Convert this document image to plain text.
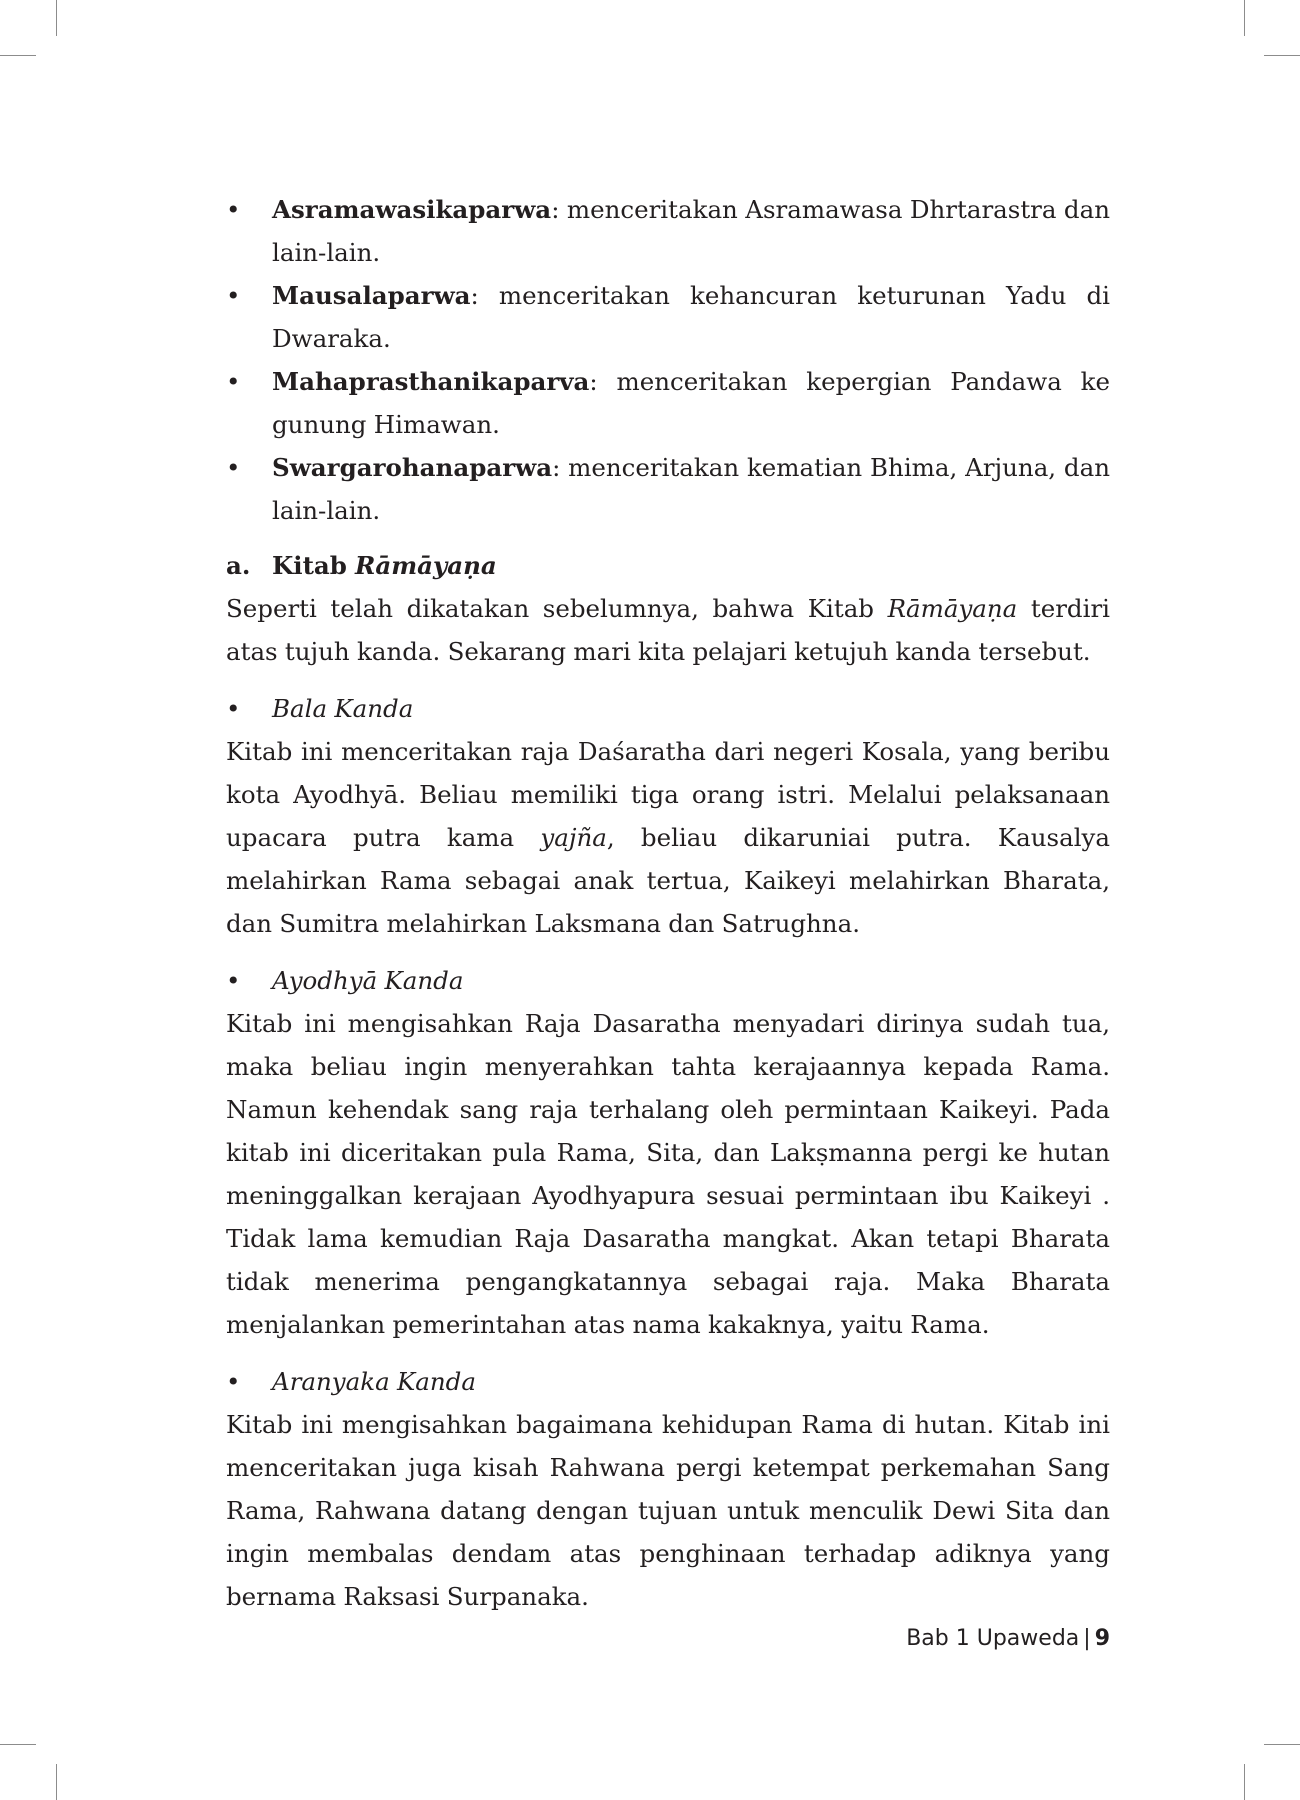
•	Asramawasikaparwa: menceritakan Asramawasa Dhrtarastra dan lain-lain.
•	Mausalaparwa: menceritakan kehancuran keturunan Yadu di Dwaraka.
•	Mahaprasthanikaparva: menceritakan kepergian Pandawa ke gunung Himawan.
•	Swargarohanaparwa: menceritakan kematian Bhima, Arjuna, dan lain-lain.
a. Kitab Rāmāyaṇa

Seperti telah dikatakan sebelumnya, bahwa Kitab Rāmāyaṇa terdiri atas tujuh kanda. Sekarang mari kita pelajari ketujuh kanda tersebut.

•	Bala Kanda

Kitab ini menceritakan raja Daśaratha dari negeri Kosala, yang beribu kota Ayodhyā. Beliau memiliki tiga orang istri. Melalui pelaksanaan upacara putra kama yajña, beliau dikaruniai putra. Kausalya melahirkan Rama sebagai anak tertua, Kaikeyi melahirkan Bharata, dan Sumitra melahirkan Laksmana dan Satrughna.

•	Ayodhyā Kanda

Kitab ini mengisahkan Raja Dasaratha menyadari dirinya sudah tua, maka beliau ingin menyerahkan tahta kerajaannya kepada Rama. Namun kehendak sang raja terhalang oleh permintaan Kaikeyi. Pada kitab ini diceritakan pula Rama, Sita, dan Lakṣmanna pergi ke hutan meninggalkan kerajaan Ayodhyapura sesuai permintaan ibu Kaikeyi . Tidak lama kemudian Raja Dasaratha mangkat. Akan tetapi Bharata tidak menerima pengangkatannya sebagai raja. Maka Bharata menjalankan pemerintahan atas nama kakaknya, yaitu Rama.

•	Aranyaka Kanda

Kitab ini mengisahkan bagaimana kehidupan Rama di hutan. Kitab ini menceritakan juga kisah Rahwana pergi ketempat perkemahan Sang Rama, Rahwana datang dengan tujuan untuk menculik Dewi Sita dan ingin membalas dendam atas penghinaan terhadap adiknya yang bernama Raksasi Surpanaka.

Bab 1 Upaweda | 9
